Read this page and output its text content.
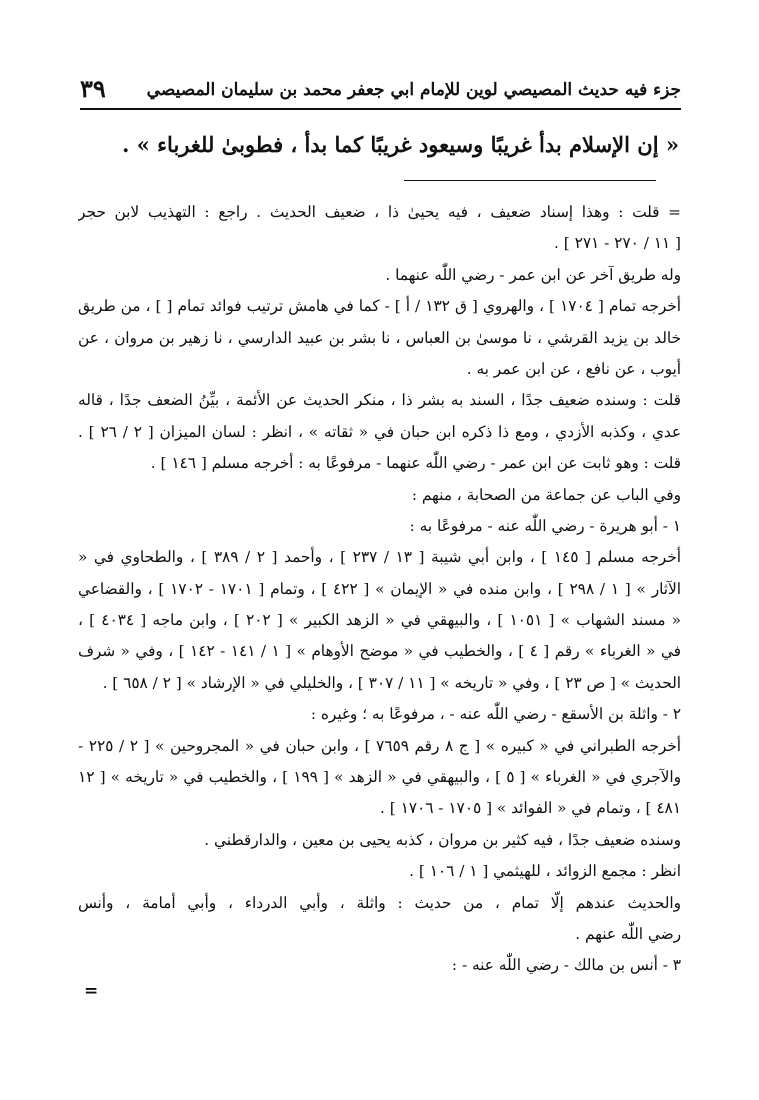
جزء فيه حديث المصيصي لوين للإمام ابي جعفر محمد بن سليمان المصيصي
٣٩
« إن الإسلام بدأ غريبًا وسيعود غريبًا كما بدأ ، فطوبىٰ للغرباء » .
= قلت : وهذا إسناد ضعيف ، فيه يحيىٰ ذا ، ضعيف الحديث . راجع : التهذيب لابن حجر
[ ١١ / ٢٧٠ - ٢٧١ ] .
وله طريق آخر عن ابن عمر - رضي اللّٰه عنهما .
أخرجه تمام [ ١٧٠٤ ] ، والهروي [ ق ١٣٢ / أ ] - كما في هامش ترتيب فوائد تمام [ ] ، من طريق
خالد بن يزيد القرشي ، نا موسىٰ بن العباس ، نا بشر بن عبيد الدارسي ، نا زهير بن مروان ، عن
أيوب ، عن نافع ، عن ابن عمر به .
قلت : وسنده ضعيف جدًا ، السند به بشر ذا ، منكر الحديث عن الأئمة ، بيِّنُ الضعف جدًا ، قاله
عدي ، وكذبه الأزدي ، ومع ذا ذكره ابن حبان في « ثقاته » ، انظر : لسان الميزان [ ٢ / ٢٦ ] .
قلت : وهو ثابت عن ابن عمر - رضي اللّٰه عنهما - مرفوعًا به : أخرجه مسلم [ ١٤٦ ] .
وفي الباب عن جماعة من الصحابة ، منهم :
١ - أبو هريرة - رضي اللّٰه عنه - مرفوعًا به :
أخرجه مسلم [ ١٤٥ ] ، وابن أبي شيبة [ ١٣ / ٢٣٧ ] ، وأحمد [ ٢ / ٣٨٩ ] ، والطحاوي في «
الآثار » [ ١ / ٢٩٨ ] ، وابن منده في « الإيمان » [ ٤٢٢ ] ، وتمام [ ١٧٠١ - ١٧٠٢ ] ، والقضاعي
« مسند الشهاب » [ ١٠٥١ ] ، والبيهقي في « الزهد الكبير » [ ٢٠٢ ] ، وابن ماجه [ ٤٠٣٤ ] ،
في « الغرباء » رقم [ ٤ ] ، والخطيب في « موضح الأوهام » [ ١ / ١٤١ - ١٤٢ ] ، وفي « شرف
الحديث » [ ص ٢٣ ] ، وفي « تاريخه » [ ١١ / ٣٠٧ ] ، والخليلي في « الإرشاد » [ ٢ / ٦٥٨ ] .
٢ - واثلة بن الأسقع - رضي اللّٰه عنه - ، مرفوعًا به ؛ وغيره :
أخرجه الطبراني في « كبيره » [ ج ٨ رقم ٧٦٥٩ ] ، وابن حبان في « المجروحين » [ ٢ / ٢٢٥ -
والآجري في « الغرباء » [ ٥ ] ، والبيهقي في « الزهد » [ ١٩٩ ] ، والخطيب في « تاريخه » [ ١٢
٤٨١ ] ، وتمام في « الفوائد » [ ١٧٠٥ - ١٧٠٦ ] .
وسنده ضعيف جدًا ، فيه كثير بن مروان ، كذبه يحيى بن معين ، والدارقطني .
انظر : مجمع الزوائد ، للهيثمي [ ١ / ١٠٦ ] .
والحديث عندهم إلّا تمام ، من حديث : واثلة ، وأبي الدرداء ، وأبي أمامة ، وأنس
رضي اللّٰه عنهم .
٣ - أنس بن مالك - رضي اللّٰه عنه - :
=
